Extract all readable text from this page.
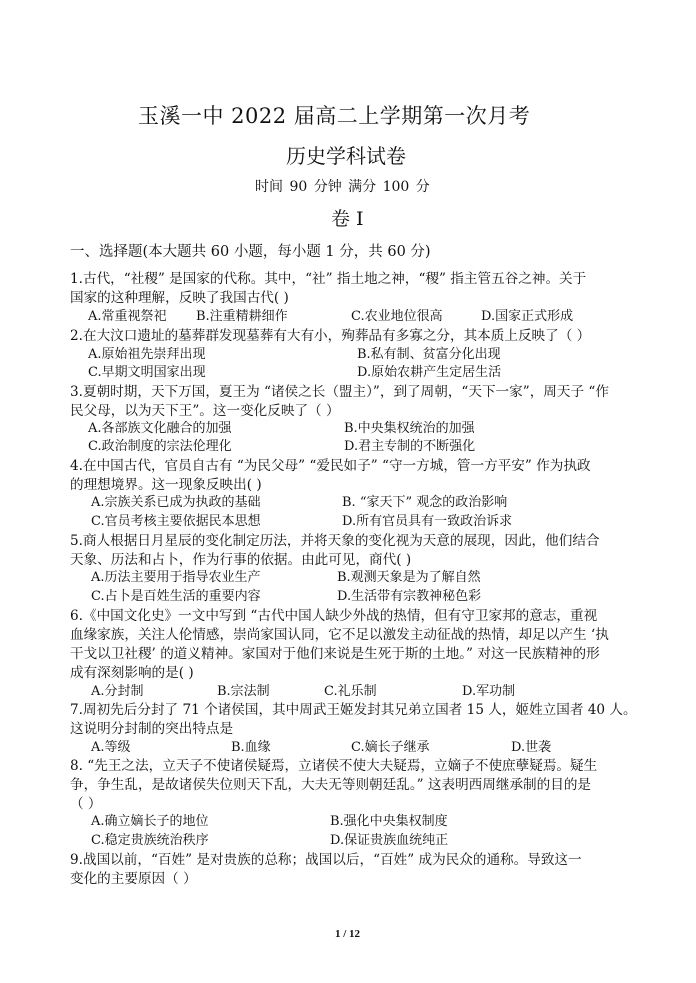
玉溪一中 2022 届高二上学期第一次月考
历史学科试卷
时间 90 分钟 满分 100 分
卷 I
一、选择题(本大题共 60 小题，每小题 1 分，共 60 分)
1.古代，“社稷” 是国家的代称。其中，“社” 指土地之神，“稷” 指主管五谷之神。关于
国家的这种理解，反映了我国古代( )
A.常重视祭祀 B.注重精耕细作	C.农业地位很高	D.国家正式形成
2.在大汶口遗址的墓葬群发现墓葬有大有小，殉葬品有多寡之分，其本质上反映了（ ）
A.原始祖先崇拜出现	B.私有制、贫富分化出现
C.早期文明国家出现	D.原始农耕产生定居生活
3.夏朝时期，天下万国，夏王为 “诸侯之长（盟主）”，到了周朝，“天下一家”，周天子 “作
民父母，以为天下王”。这一变化反映了（ ）
A.各部族文化融合的加强	B.中央集权统治的加强
C.政治制度的宗法伦理化	D.君主专制的不断强化
4.在中国古代，官员自古有 “为民父母” “爱民如子” “守一方城，管一方平安” 作为执政
的理想境界。这一现象反映出( )
A.宗族关系已成为执政的基础	B. “家天下” 观念的政治影响
C.官员考核主要依据民本思想	D.所有官员具有一致政治诉求
5.商人根据日月星辰的变化制定历法，并将天象的变化视为天意的展现，因此，他们结合
天象、历法和占卜，作为行事的依据。由此可见，商代( )
A.历法主要用于指导农业生产	B.观测天象是为了解自然
C.占卜是百姓生活的重要内容	D.生活带有宗教神秘色彩
6.《中国文化史》一文中写到 “古代中国人缺少外战的热情，但有守卫家邦的意志，重视
血缘家族，关注人伦情感，崇尚家国认同，它不足以激发主动征战的热情，却足以产生 ‘执
干戈以卫社稷’ 的道义精神。家国对于他们来说是生死于斯的土地。” 对这一民族精神的形
成有深刻影响的是( )
A.分封制	B.宗法制	C.礼乐制	D.军功制
7.周初先后分封了 71 个诸侯国，其中周武王姬发封其兄弟立国者 15 人，姬姓立国者 40 人。
这说明分封制的突出特点是
A.等级	B.血缘	C.嫡长子继承	D.世袭
8. “先王之法，立天子不使诸侯疑焉，立诸侯不使大夫疑焉，立嫡子不使庶孽疑焉。疑生
争，争生乱，是故诸侯失位则天下乱，大夫无等则朝廷乱。” 这表明西周继承制的目的是
（ ）
A.确立嫡长子的地位	B.强化中央集权制度
C.稳定贵族统治秩序	D.保证贵族血统纯正
9.战国以前，“百姓” 是对贵族的总称；战国以后，“百姓” 成为民众的通称。导致这一
变化的主要原因（ ）
1 / 12
